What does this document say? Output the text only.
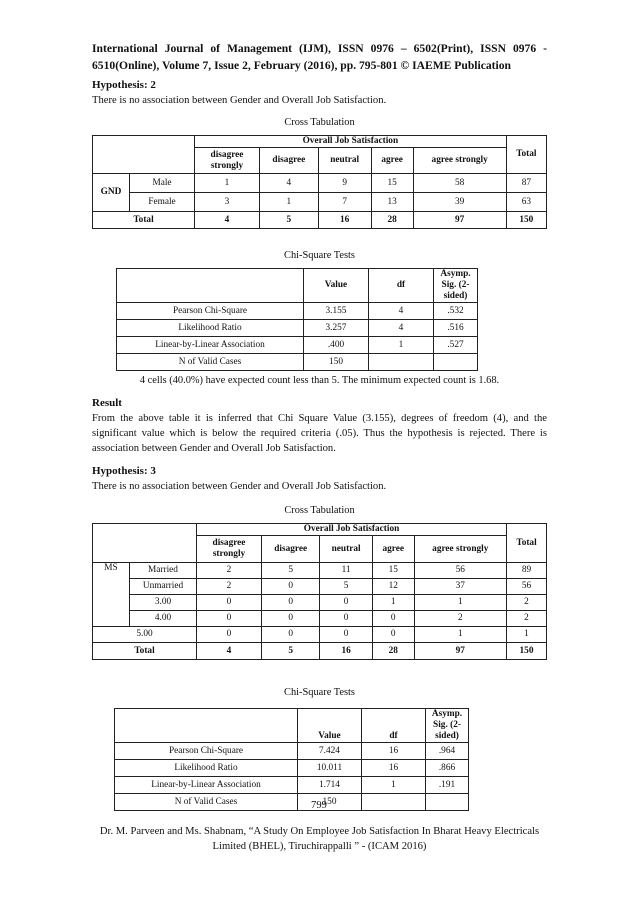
International Journal of Management (IJM), ISSN 0976 – 6502(Print), ISSN 0976 - 6510(Online), Volume 7, Issue 2, February (2016), pp. 795-801 © IAEME Publication
Hypothesis: 2
There is no association between Gender and Overall Job Satisfaction.
Cross Tabulation
		Overall Job Satisfaction					Total
		disagree strongly	disagree	neutral	agree	agree strongly	
GND	Male	1	4	9	15	58	87
	Female	3	1	7	13	39	63
Total		4	5	16	28	97	150
Chi-Square Tests
	Value	df	Asymp. Sig. (2-sided)
Pearson Chi-Square	3.155	4	.532
Likelihood Ratio	3.257	4	.516
Linear-by-Linear Association	.400	1	.527
N of Valid Cases	150		
4 cells (40.0%) have expected count less than 5. The minimum expected count is 1.68.
Result
From the above table it is inferred that Chi Square Value (3.155), degrees of freedom (4), and the significant value which is below the required criteria (.05). Thus the hypothesis is rejected. There is association between Gender and Overall Job Satisfaction.
Hypothesis: 3
There is no association between Gender and Overall Job Satisfaction.
Cross Tabulation
		Overall Job Satisfaction					Total
		disagree strongly	disagree	neutral	agree	agree strongly	
MS	Married	2	5	11	15	56	89
	Unmarried	2	0	5	12	37	56
	3.00	0	0	0	1	1	2
	4.00	0	0	0	0	2	2
5.00		0	0	0	0	1	1
Total		4	5	16	28	97	150
Chi-Square Tests
	Value	df	Asymp. Sig. (2-sided)
Pearson Chi-Square	7.424	16	.964
Likelihood Ratio	10.011	16	.866
Linear-by-Linear Association	1.714	1	.191
N of Valid Cases	150		
799
Dr. M. Parveen and Ms. Shabnam, “A Study On Employee Job Satisfaction In Bharat Heavy Electricals Limited (BHEL), Tiruchirappalli ” - (ICAM 2016)
